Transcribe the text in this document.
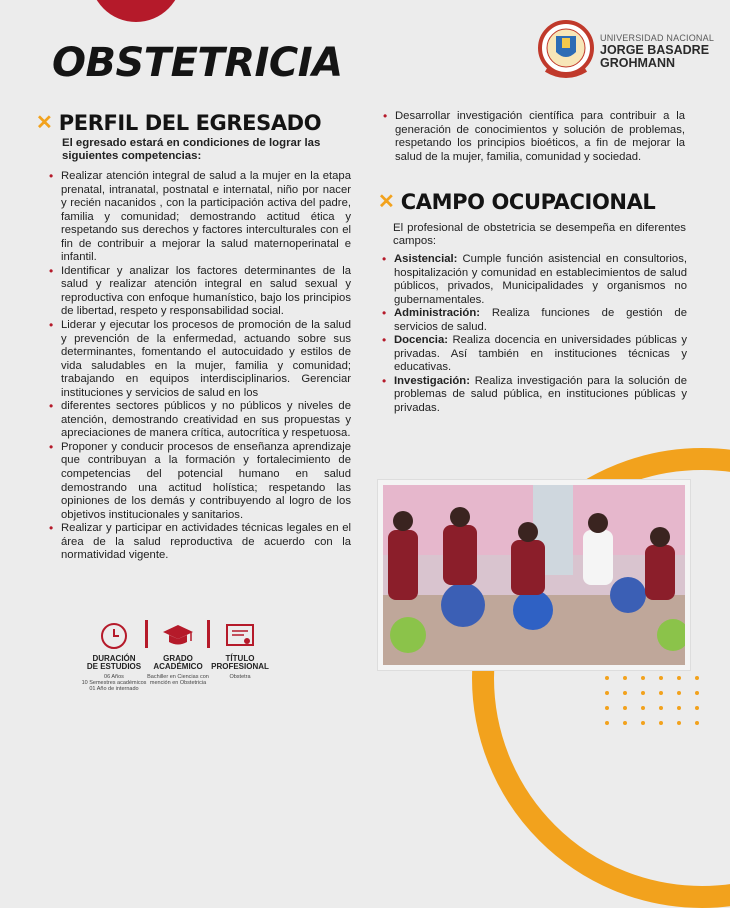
OBSTETRICIA
UNIVERSIDAD NACIONAL
JORGE BASADRE
GROHMANN
✕ PERFIL DEL EGRESADO

El egresado estará en condiciones de lograr las siguientes competencias:

• Realizar atención integral de salud a la mujer en la etapa prenatal, intranatal, postnatal e internatal, niño por nacer y recién nacanidos , con la participación activa del padre, familia y comunidad; demostrando actitud ética y respetando sus derechos y factores interculturales con el fin de contribuir a mejorar la salud maternoperinatal e infantil.
• Identificar y analizar los factores determinantes de la salud y realizar atención integral en salud sexual y reproductiva con enfoque humanístico, bajo los principios de libertad, respeto y responsabilidad social.
• Liderar y ejecutar los procesos de promoción de la salud y prevención de la enfermedad, actuando sobre sus determinantes, fomentando el autocuidado y estilos de vida saludables en la mujer, familia y comunidad; trabajando en equipos interdisciplinarios. Gerenciar instituciones y servicios de salud en los
• diferentes sectores públicos y no públicos y niveles de atención, demostrando creatividad en sus propuestas y apreciaciones de manera crítica, autocrítica y respetuosa.
• Proponer y conducir procesos de enseñanza aprendizaje que contribuyan a la formación y fortalecimiento de competencias del potencial humano en salud demostrando una actitud holística; respetando las opiniones de los demás y contribuyendo al logro de los objetivos institucionales y sanitarios.
• Realizar y participar en actividades técnicas legales en el área de la salud reproductiva de acuerdo con la normatividad vigente.
• Desarrollar investigación científica para contribuir a la generación de conocimientos y solución de problemas, respetando los principios bioéticos, a fin de mejorar la salud de la mujer, familia, comunidad y sociedad.
✕ CAMPO OCUPACIONAL

El profesional de obstetricia se desempeña en diferentes campos:

• Asistencial: Cumple función asistencial en consultorios, hospitalización y comunidad en establecimientos de salud públicos, privados, Municipalidades y organismos no gubernamentales.
• Administración: Realiza funciones de gestión de servicios de salud.
• Docencia: Realiza docencia en universidades públicas y privadas. Así también en instituciones técnicas y educativas.
• Investigación: Realiza investigación para la solución de problemas de salud pública, en instituciones públicas y privadas.
DURACIÓN
DE ESTUDIOS
06 Años
10 Semestres académicos
01 Año de internado
GRADO
ACADÉMICO
Bachiller en Ciencias con
mención en Obstetricia
TÍTULO
PROFESIONAL
Obstetra
